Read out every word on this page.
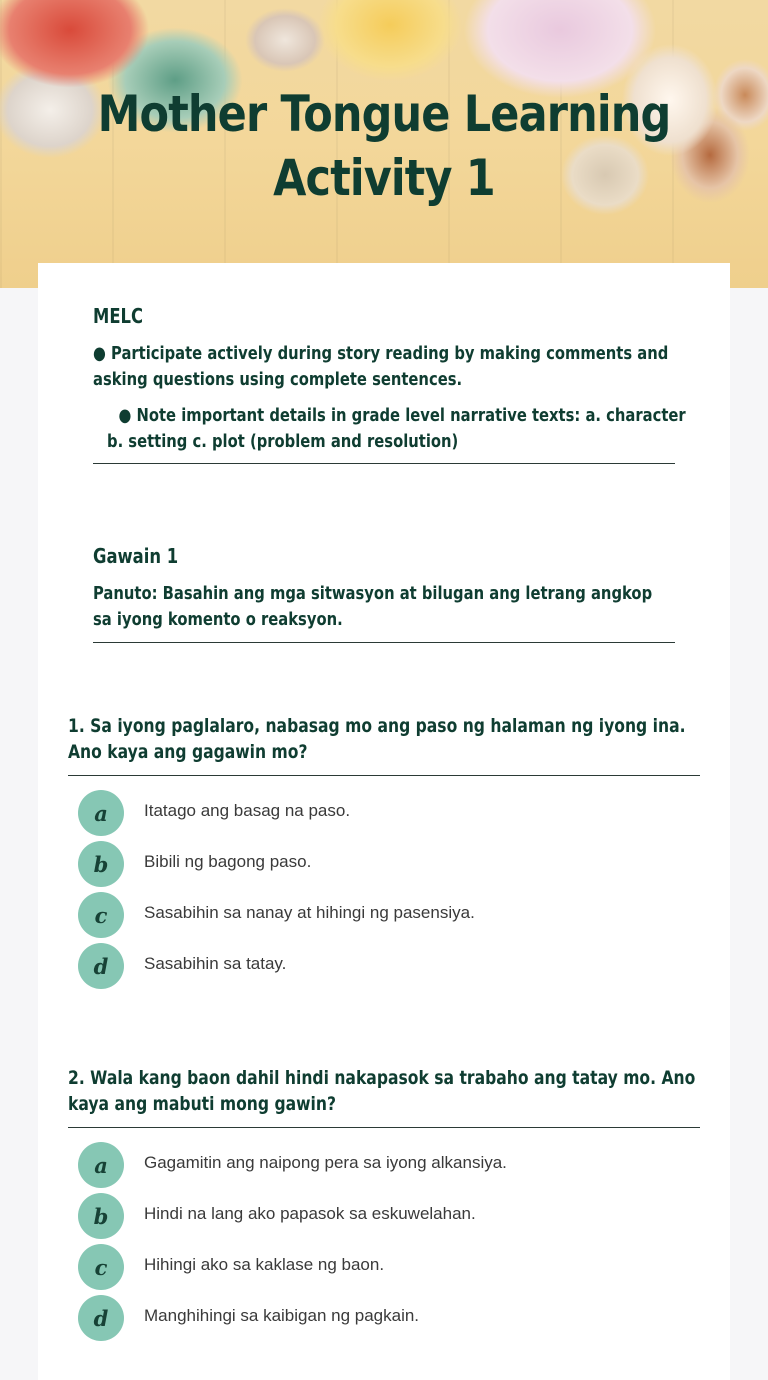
Mother Tongue Learning
Activity 1
MELC
● Participate actively during story reading by making comments and asking questions using complete sentences.
● Note important details in grade level narrative texts: a. character b. setting c. plot (problem and resolution)
Gawain 1
Panuto: Basahin ang mga sitwasyon at bilugan ang letrang angkop sa iyong komento o reaksyon.
1. Sa iyong paglalaro, nabasag mo ang paso ng halaman ng iyong ina. Ano kaya ang gagawin mo?
a	Itatago ang basag na paso.
b	Bibili ng bagong paso.
c	Sasabihin sa nanay at hihingi ng pasensiya.
d	Sasabihin sa tatay.
2. Wala kang baon dahil hindi nakapasok sa trabaho ang tatay mo. Ano kaya ang mabuti mong gawin?
a	Gagamitin ang naipong pera sa iyong alkansiya.
b	Hindi na lang ako papasok sa eskuwelahan.
c	Hihingi ako sa kaklase ng baon.
d	Manghihingi sa kaibigan ng pagkain.
